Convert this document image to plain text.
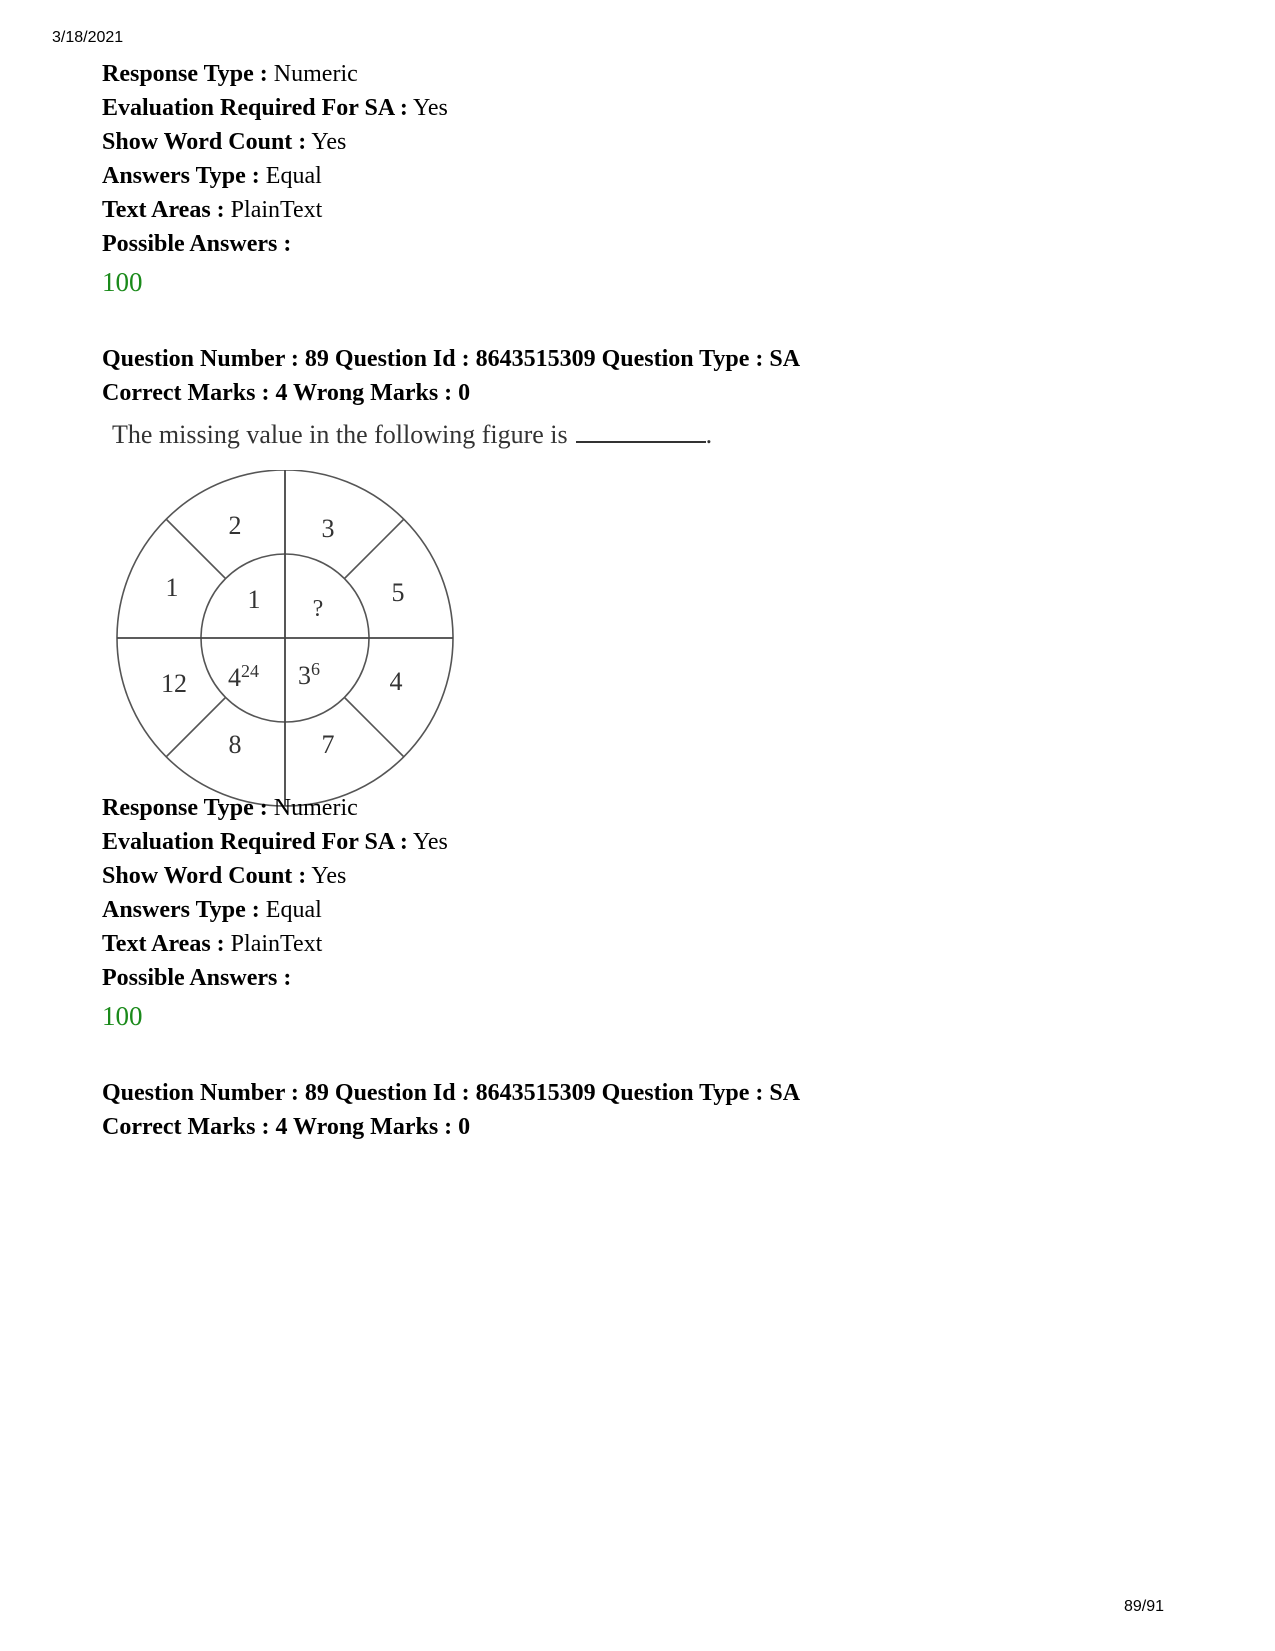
3/18/2021
Response Type : Numeric
Evaluation Required For SA : Yes
Show Word Count : Yes
Answers Type : Equal
Text Areas : PlainText
Possible Answers :
100
Question Number : 89 Question Id : 8643515309 Question Type : SA
Correct Marks : 4 Wrong Marks : 0
The missing value in the following figure is	.
2	3
1	5
12	4
8	7
1 ?
$4^{24}$ $3^6$
Response Type : Numeric
Evaluation Required For SA : Yes
Show Word Count : Yes
Answers Type : Equal
Text Areas : PlainText
Possible Answers :
100
Question Number : 89 Question Id : 8643515309 Question Type : SA
Correct Marks : 4 Wrong Marks : 0
89/91
